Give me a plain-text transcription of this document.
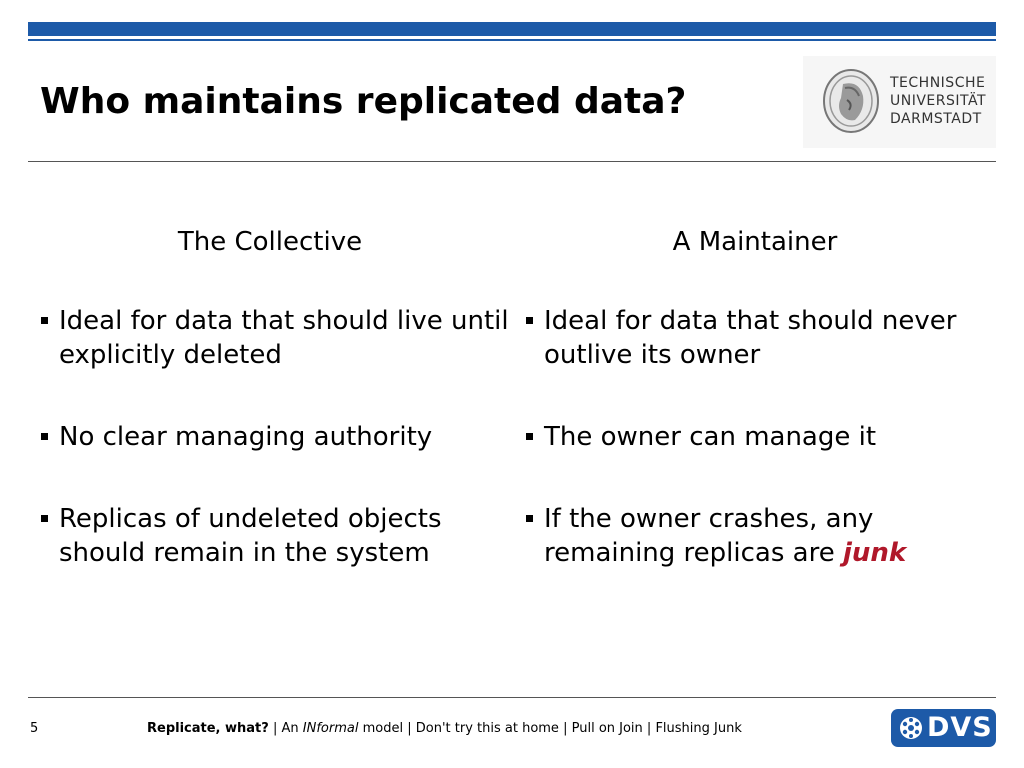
Who maintains replicated data?	TECHNISCHE
UNIVERSITÄT
DARMSTADT
The Collective
Ideal for data that should live until explicitly deleted
No clear managing authority
Replicas of undeleted objects should remain in the system
A Maintainer
Ideal for data that should never outlive its owner
The owner can manage it
If the owner crashes, any remaining replicas are junk
5	Replicate, what? | An INformal model | Don't try this at home | Pull on Join | Flushing Junk	DVS
